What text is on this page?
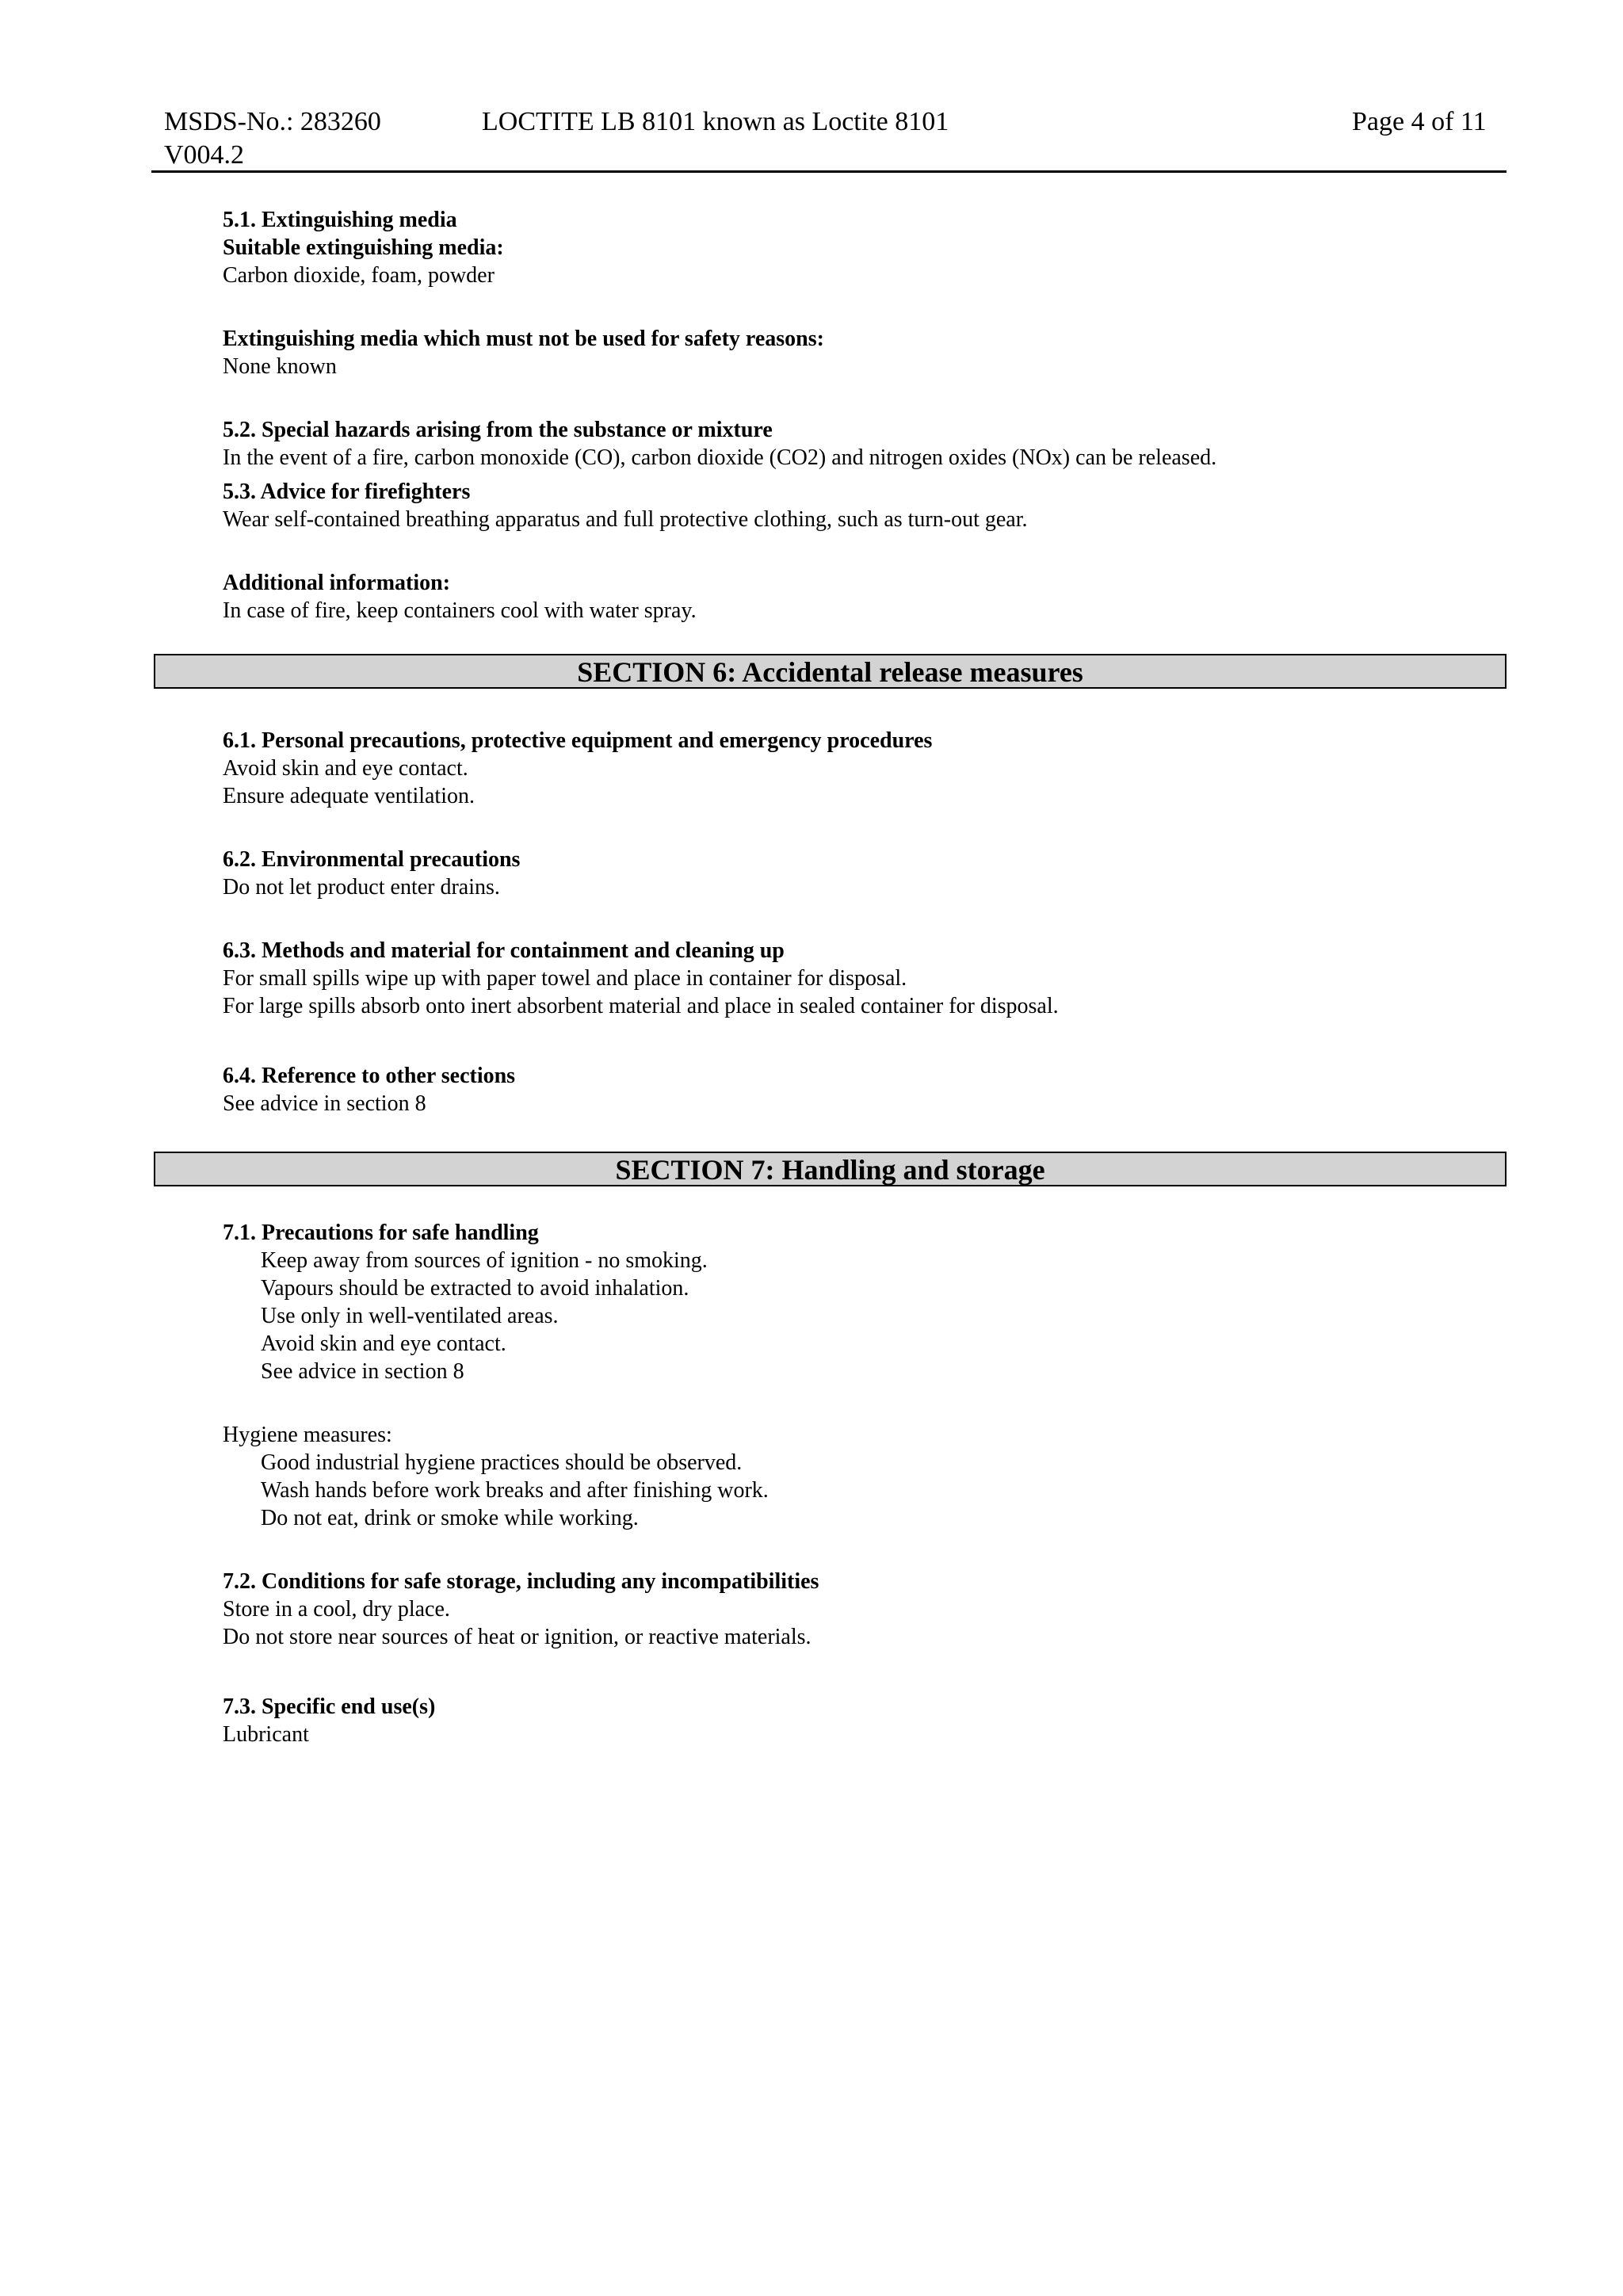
MSDS-No.: 283260
V004.2
LOCTITE LB 8101 known as Loctite 8101	Page 4 of 11
5.1. Extinguishing media
Suitable extinguishing media:
Carbon dioxide, foam, powder
Extinguishing media which must not be used for safety reasons:
None known
5.2. Special hazards arising from the substance or mixture
In the event of a fire, carbon monoxide (CO), carbon dioxide (CO2) and nitrogen oxides (NOx) can be released.
5.3. Advice for firefighters
Wear self-contained breathing apparatus and full protective clothing, such as turn-out gear.
Additional information:
In case of fire, keep containers cool with water spray.
SECTION 6: Accidental release measures
6.1. Personal precautions, protective equipment and emergency procedures
Avoid skin and eye contact.
Ensure adequate ventilation.
6.2. Environmental precautions
Do not let product enter drains.
6.3. Methods and material for containment and cleaning up
For small spills wipe up with paper towel and place in container for disposal.
For large spills absorb onto inert absorbent material and place in sealed container for disposal.
6.4. Reference to other sections
See advice in section 8
SECTION 7: Handling and storage
7.1. Precautions for safe handling
Keep away from sources of ignition - no smoking.
Vapours should be extracted to avoid inhalation.
Use only in well-ventilated areas.
Avoid skin and eye contact.
See advice in section 8
Hygiene measures:
Good industrial hygiene practices should be observed.
Wash hands before work breaks and after finishing work.
Do not eat, drink or smoke while working.
7.2. Conditions for safe storage, including any incompatibilities
Store in a cool, dry place.
Do not store near sources of heat or ignition, or reactive materials.
7.3. Specific end use(s)
Lubricant
